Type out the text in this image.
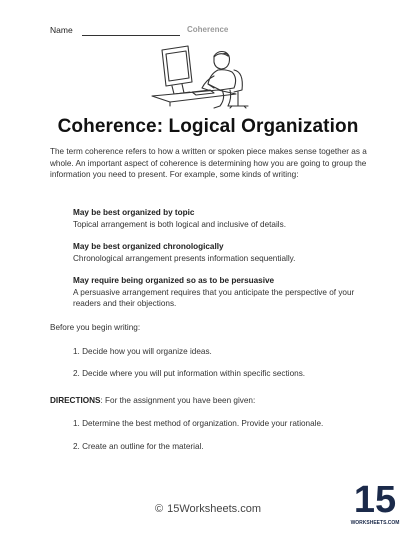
Name	Coherence
Coherence: Logical Organization
The term coherence refers to how a written or spoken piece makes sense together as a whole. An important aspect of coherence is determining how you are going to group the information you need to present. For example, some kinds of writing:
May be best organized by topic
Topical arrangement is both logical and inclusive of details.
May be best organized chronologically
Chronological arrangement presents information sequentially.
May require being organized so as to be persuasive
A persuasive arrangement requires that you anticipate the perspective of your readers and their objections.
Before you begin writing:
1. Decide how you will organize ideas.
2. Decide where you will put information within specific sections.
DIRECTIONS: For the assignment you have been given:
1. Determine the best method of organization. Provide your rationale.
2. Create an outline for the material.
© 15Worksheets.com	15
WORKSHEETS.COM
